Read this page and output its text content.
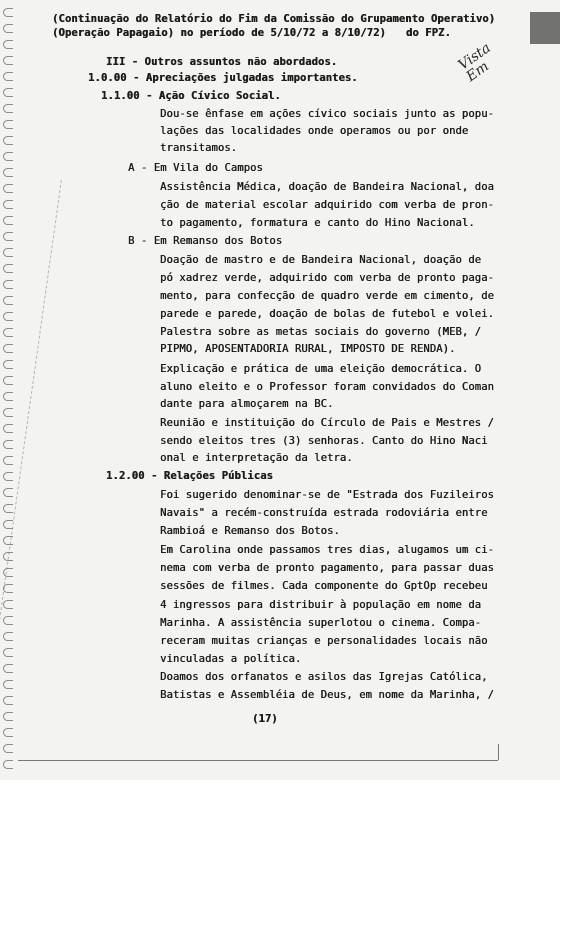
Vista Em
(Continuação do Relatório do Fim da Comissão do Grupamento Operativo)
(Operação Papagaio) no período de 5/10/72 a 8/10/72) do FPZ.
III - Outros assuntos não abordados.
1.0.00 - Apreciações julgadas importantes.
1.1.00 - Ação Cívico Social.
Dou-se ênfase em ações cívico sociais junto as popu-
lações das localidades onde operamos ou por onde
transitamos.
A - Em Vila do Campos
Assistência Médica, doação de Bandeira Nacional, doa
ção de material escolar adquirido com verba de pron-
to pagamento, formatura e canto do Hino Nacional.
B - Em Remanso dos Botos
Doação de mastro e de Bandeira Nacional, doação de
pó xadrez verde, adquirido com verba de pronto paga-
mento, para confecção de quadro verde em cimento, de
parede e parede, doação de bolas de futebol e volei.
Palestra sobre as metas sociais do governo (MEB, /
PIPMO, APOSENTADORIA RURAL, IMPOSTO DE RENDA).
Explicação e prática de uma eleição democrática. O
aluno eleito e o Professor foram convidados do Coman
dante para almoçarem na BC.
Reunião e instituição do Círculo de Pais e Mestres /
sendo eleitos tres (3) senhoras. Canto do Hino Naci
onal e interpretação da letra.
1.2.00 - Relações Públicas
Foi sugerido denominar-se de "Estrada dos Fuzileiros
Navais" a recém-construída estrada rodoviária entre
Rambioá e Remanso dos Botos.
Em Carolina onde passamos tres dias, alugamos um ci-
nema com verba de pronto pagamento, para passar duas
sessões de filmes. Cada componente do GptOp recebeu
4 ingressos para distribuir à população em nome da
Marinha. A assistência superlotou o cinema. Compa-
receram muitas crianças e personalidades locais não
vinculadas a política.
Doamos dos orfanatos e asilos das Igrejas Católica,
Batistas e Assembléia de Deus, em nome da Marinha, /
(17)
